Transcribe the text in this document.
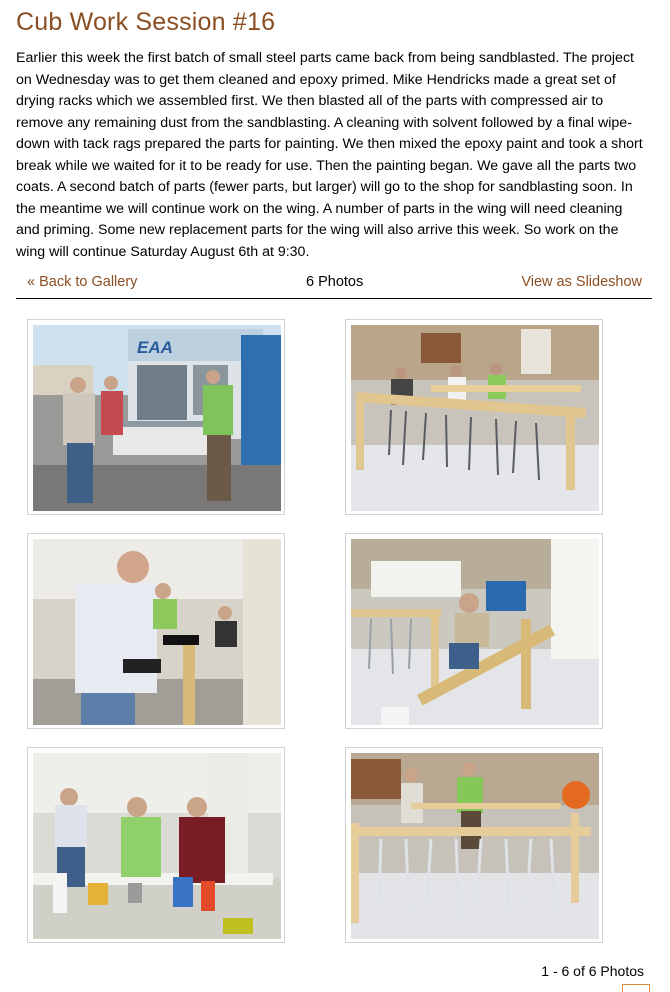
Cub Work Session #16

Earlier this week the first batch of small steel parts came back from being sandblasted. The project on Wednesday was to get them cleaned and epoxy primed. Mike Hendricks made a great set of drying racks which we assembled first. We then blasted all of the parts with compressed air to remove any remaining dust from the sandblasting. A cleaning with solvent followed by a final wipe-down with tack rags prepared the parts for painting. We then mixed the epoxy paint and took a short break while we waited for it to be ready for use. Then the painting began. We gave all the parts two coats. A second batch of parts (fewer parts, but larger) will go to the shop for sandblasting soon. In the meantime we will continue work on the wing. A number of parts in the wing will need cleaning and priming. Some new replacement parts for the wing will also arrive this week. So work on the wing will continue Saturday August 6th at 9:30.

« Back to Gallery	6 Photos	View as Slideshow
EAA
1 - 6 of 6 Photos
